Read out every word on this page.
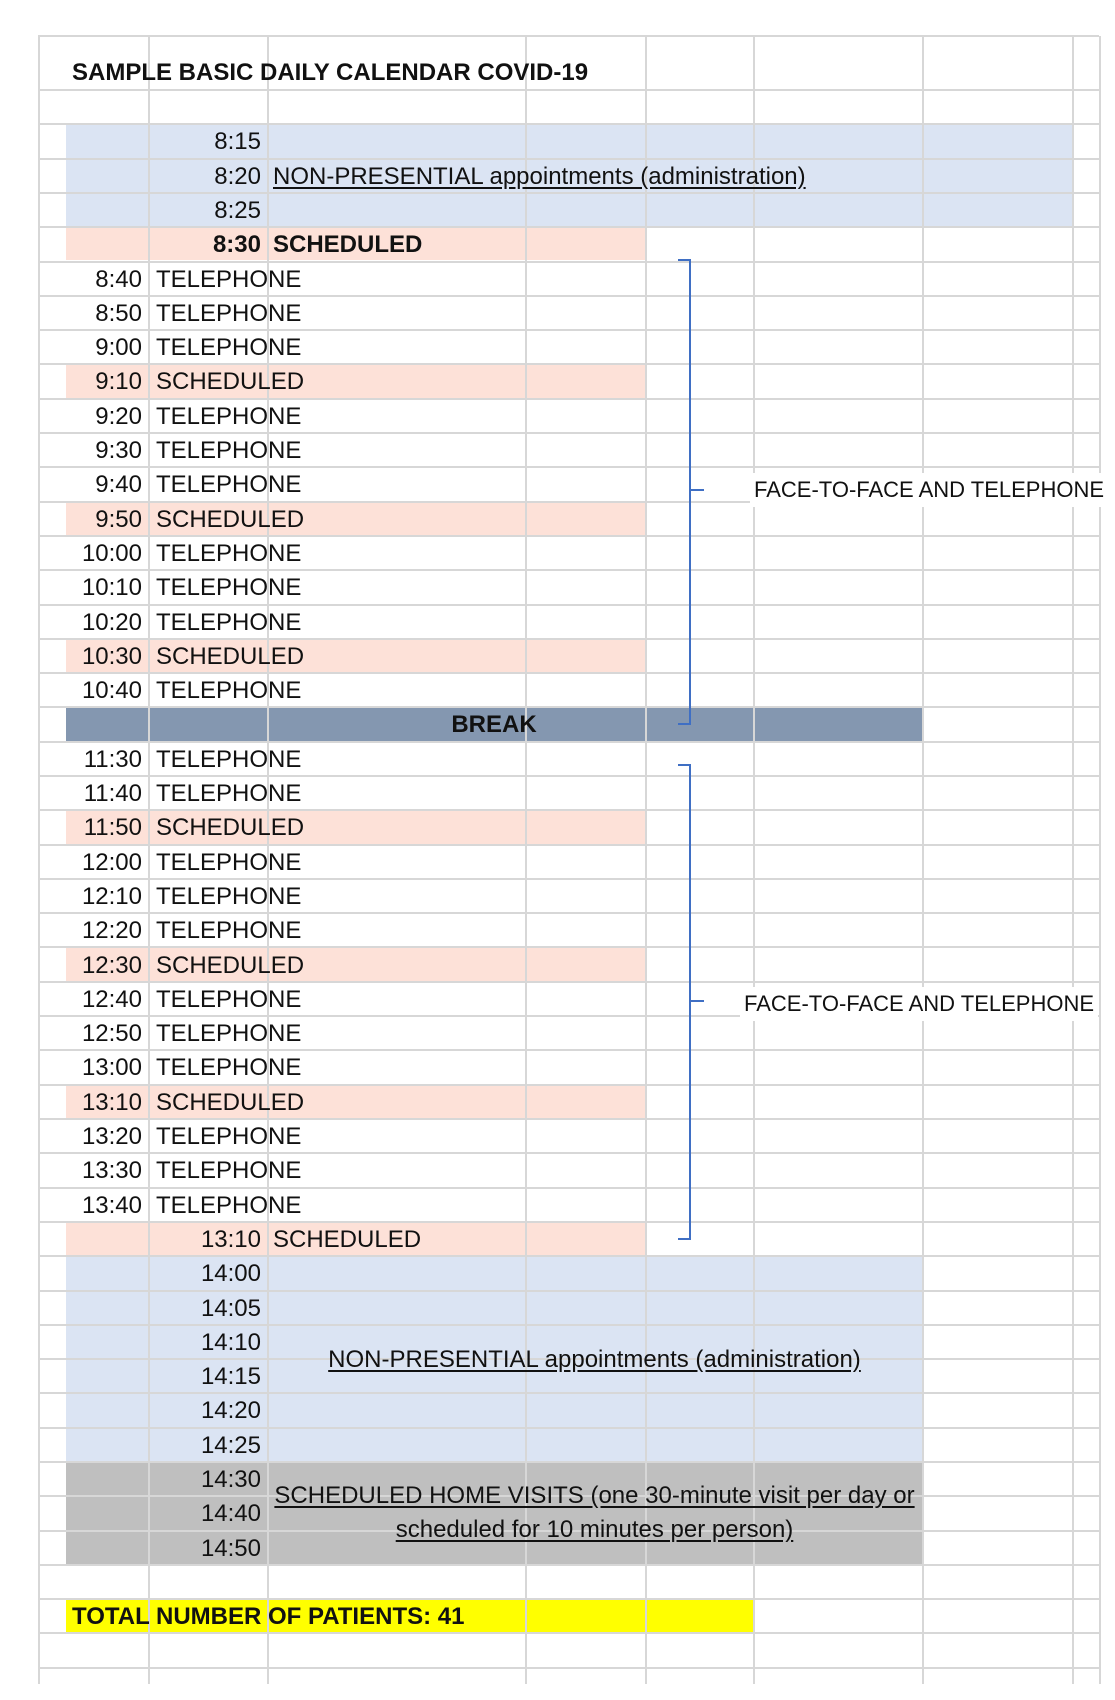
8:15
8:20
8:25
NON-PRESENTIAL appointments (administration)
8:30 SCHEDULED
8:40 TELEPHONE
8:50 TELEPHONE
9:00 TELEPHONE
9:10 SCHEDULED
9:20 TELEPHONE
9:30 TELEPHONE
9:40 TELEPHONE
9:50 SCHEDULED
10:00 TELEPHONE
10:10 TELEPHONE
10:20 TELEPHONE
10:30 SCHEDULED
10:40 TELEPHONE
BREAK
11:30 TELEPHONE
11:40 TELEPHONE
11:50 SCHEDULED
12:00 TELEPHONE
12:10 TELEPHONE
12:20 TELEPHONE
12:30 SCHEDULED
12:40 TELEPHONE
12:50 TELEPHONE
13:00 TELEPHONE
13:10 SCHEDULED
13:20 TELEPHONE
13:30 TELEPHONE
13:40 TELEPHONE
13:10 SCHEDULED
14:00
14:05
14:10
14:15
14:20
14:25
NON-PRESENTIAL appointments (administration)
14:30
14:40
14:50
SCHEDULED HOME VISITS (one 30-minute visit per day or
scheduled for 10 minutes per person)
TOTAL NUMBER OF PATIENTS: 41
SAMPLE BASIC DAILY CALENDAR COVID-19
FACE-TO-FACE AND TELEPHONE
FACE-TO-FACE AND TELEPHONE
